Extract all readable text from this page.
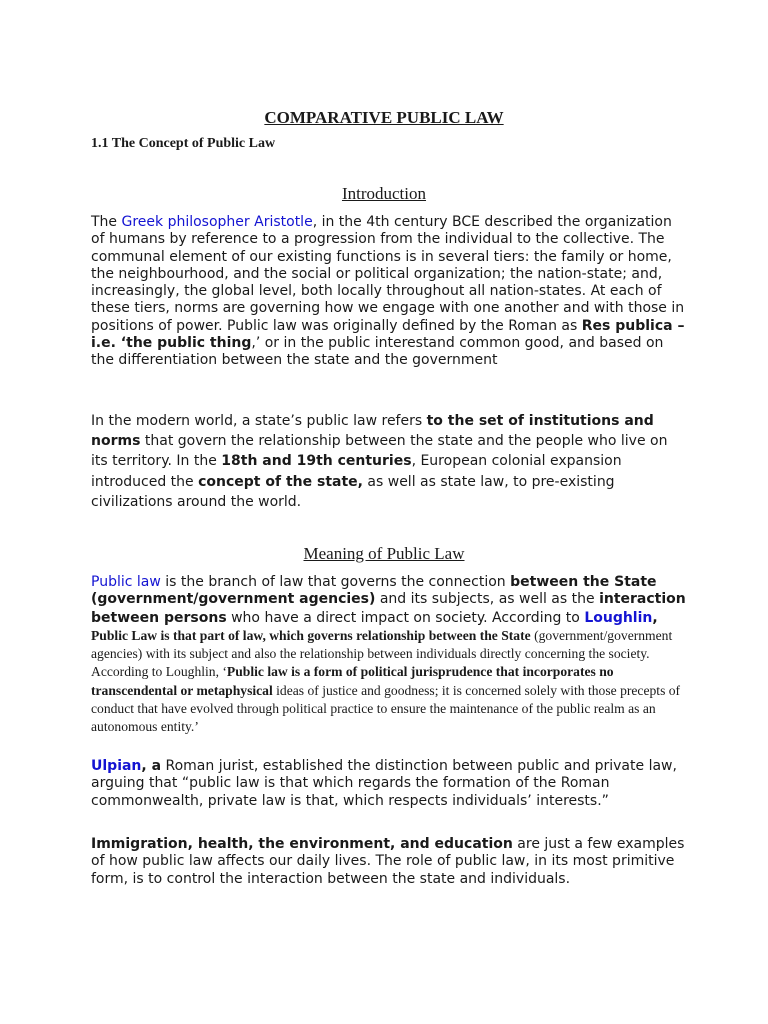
COMPARATIVE PUBLIC LAW
1.1 The Concept of Public Law
Introduction

The Greek philosopher Aristotle, in the 4th century BCE described the organization of humans by reference to a progression from the individual to the collective. The communal element of our existing functions is in several tiers: the family or home, the neighbourhood, and the social or political organization; the nation-state; and, increasingly, the global level, both locally throughout all nation-states. At each of these tiers, norms are governing how we engage with one another and with those in positions of power. Public law was originally defined by the Roman as Res publica – i.e. ‘the public thing,’ or in the public interestand common good, and based on the differentiation between the state and the government

In the modern world, a state’s public law refers to the set of institutions and norms that govern the relationship between the state and the people who live on its territory. In the 18th and 19th centuries, European colonial expansion introduced the concept of the state, as well as state law, to pre-existing civilizations around the world.

Meaning of Public Law

Public law is the branch of law that governs the connection between the State (government/government agencies) and its subjects, as well as the interaction between persons who have a direct impact on society. According to Loughlin, Public Law is that part of law, which governs relationship between the State (government/government agencies) with its subject and also the relationship between individuals directly concerning the society. According to Loughlin, ‘Public law is a form of political jurisprudence that incorporates no transcendental or metaphysical ideas of justice and goodness; it is concerned solely with those precepts of conduct that have evolved through political practice to ensure the maintenance of the public realm as an autonomous entity.’

Ulpian, a Roman jurist, established the distinction between public and private law, arguing that “public law is that which regards the formation of the Roman commonwealth, private law is that, which respects individuals’ interests.”

Immigration, health, the environment, and education are just a few examples of how public law affects our daily lives. The role of public law, in its most primitive form, is to control the interaction between the state and individuals.
